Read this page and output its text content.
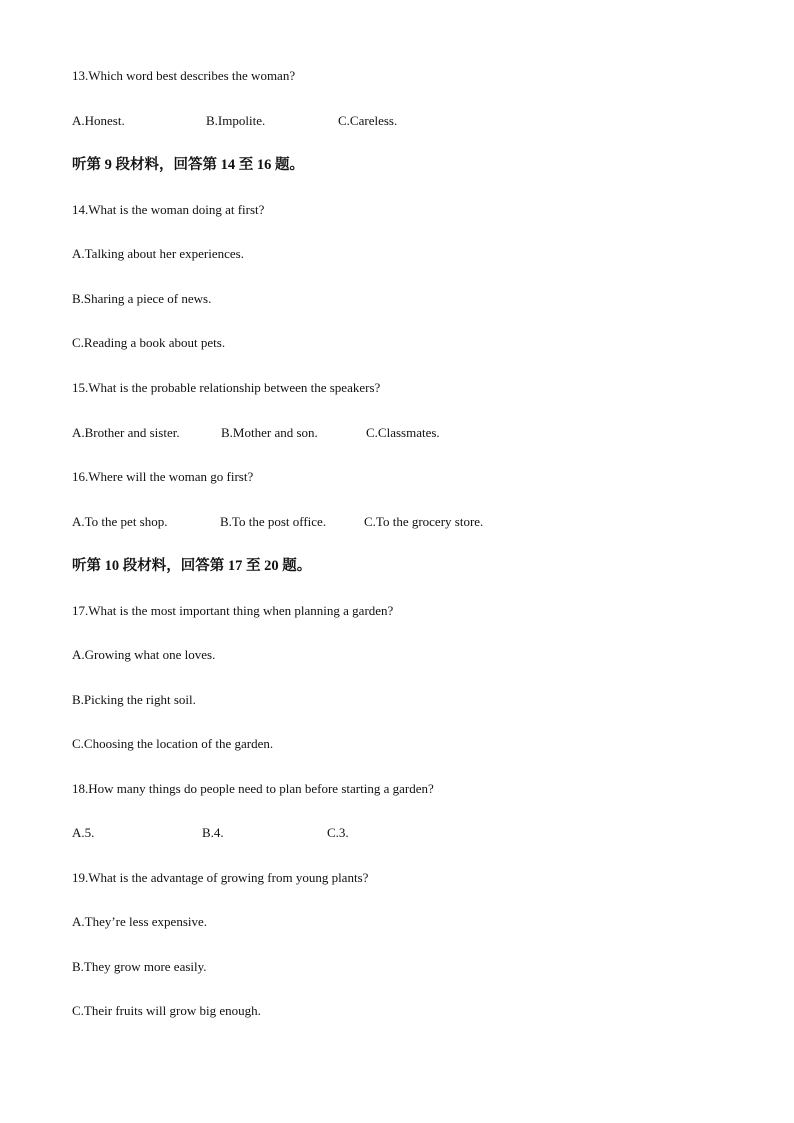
13.Which word best describes the woman?
A.Honest.	B.Impolite.	C.Careless.
听第 9 段材料，回答第 14 至 16 题。
14.What is the woman doing at first?
A.Talking about her experiences.
B.Sharing a piece of news.
C.Reading a book about pets.
15.What is the probable relationship between the speakers?
A.Brother and sister.	B.Mother and son.	C.Classmates.
16.Where will the woman go first?
A.To the pet shop.	B.To the post office.	C.To the grocery store.
听第 10 段材料，回答第 17 至 20 题。
17.What is the most important thing when planning a garden?
A.Growing what one loves.
B.Picking the right soil.
C.Choosing the location of the garden.
18.How many things do people need to plan before starting a garden?
A.5.	B.4.	C.3.
19.What is the advantage of growing from young plants?
A.They’re less expensive.
B.They grow more easily.
C.Their fruits will grow big enough.
